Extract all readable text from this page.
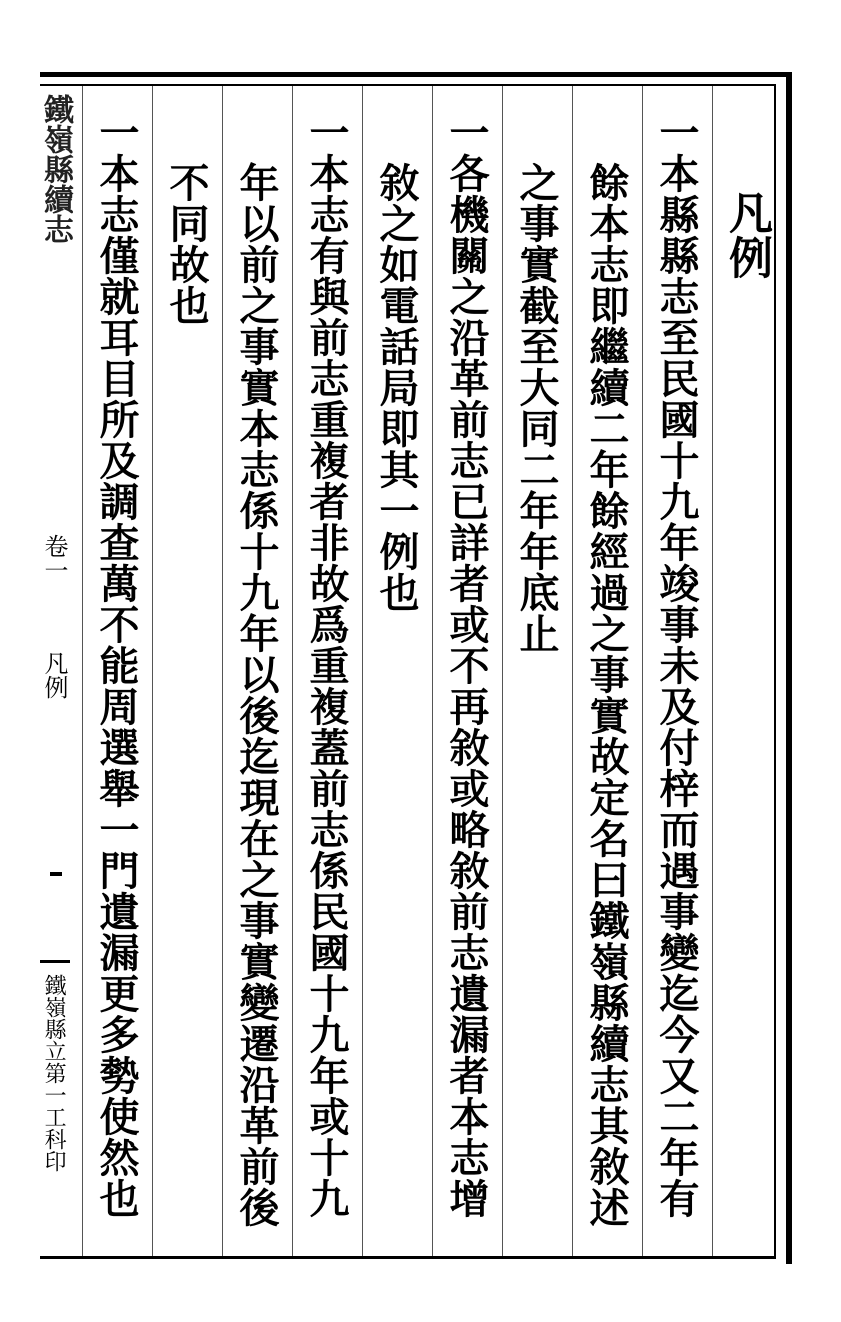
凡例
一本縣縣志至民國十九年竣事未及付梓而遇事變迄今又二年有
餘本志即繼續二年餘經過之事實故定名曰鐵嶺縣續志其敘述
之事實截至大同二年年底止
一各機關之沿革前志已詳者或不再敘或略敘前志遺漏者本志增
敘之如電話局即其一例也
一本志有與前志重複者非故爲重複蓋前志係民國十九年或十九
年以前之事實本志係十九年以後迄現在之事實變遷沿革前後
不同故也
一本志僅就耳目所及調查萬不能周選舉一門遺漏更多勢使然也
鐵嶺縣續志
卷一
凡例
鐵嶺縣立第一工科印
